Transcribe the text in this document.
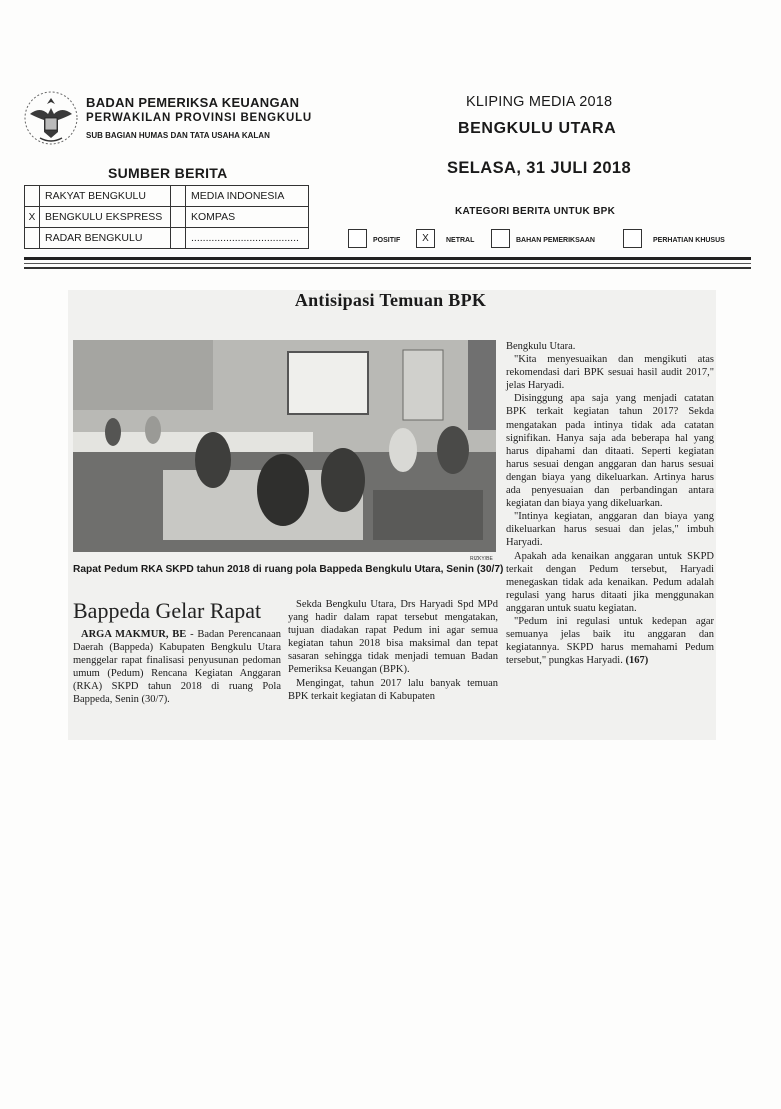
BADAN PEMERIKSA KEUANGAN
PERWAKILAN PROVINSI BENGKULU
SUB BAGIAN HUMAS DAN TATA USAHA KALAN
KLIPING MEDIA 2018
BENGKULU UTARA
SELASA, 31 JULI 2018
SUMBER BERITA
	RAKYAT BENGKULU		MEDIA INDONESIA
X	BENGKULU EKSPRESS		KOMPAS
	RADAR BENGKULU		.....................................
KATEGORI BERITA UNTUK BPK
POSITIF	X	NETRAL	BAHAN PEMERIKSAAN	PERHATIAN KHUSUS
Antisipasi Temuan BPK
RIZKY/BE
Rapat Pedum RKA SKPD tahun 2018 di ruang pola Bappeda Bengkulu Utara, Senin (30/7)
Bappeda Gelar Rapat

ARGA MAKMUR, BE - Badan Perencanaan Daerah (Bappeda) Kabupaten Bengkulu Utara menggelar rapat finalisasi penyusunan pedoman umum (Pedum) Rencana Kegiatan Anggaran (RKA) SKPD tahun 2018 di ruang Pola Bappeda, Senin (30/7).

Sekda Bengkulu Utara, Drs Haryadi Spd MPd yang hadir dalam rapat tersebut mengatakan, tujuan diadakan rapat Pedum ini agar semua kegiatan tahun 2018 bisa maksimal dan tepat sasaran sehingga tidak menjadi temuan Badan Pemeriksa Keuangan (BPK).

Mengingat, tahun 2017 lalu banyak temuan BPK terkait kegiatan di Kabupaten

Bengkulu Utara.

"Kita menyesuaikan dan mengikuti atas rekomendasi dari BPK sesuai hasil audit 2017," jelas Haryadi.

Disinggung apa saja yang menjadi catatan BPK terkait kegiatan tahun 2017? Sekda mengatakan pada intinya tidak ada catatan signifikan. Hanya saja ada beberapa hal yang harus dipahami dan ditaati. Seperti kegiatan harus sesuai dengan anggaran dan harus sesuai dengan biaya yang dikeluarkan. Artinya harus ada penyesuaian dan perbandingan antara kegiatan dan biaya yang dikeluarkan.

"Intinya kegiatan, anggaran dan biaya yang dikeluarkan harus sesuai dan jelas," imbuh Haryadi.

Apakah ada kenaikan anggaran untuk SKPD terkait dengan Pedum tersebut, Haryadi menegaskan tidak ada kenaikan. Pedum adalah regulasi yang harus ditaati jika menggunakan anggaran untuk suatu kegiatan.

"Pedum ini regulasi untuk kedepan agar semuanya jelas baik itu anggaran dan kegiatannya. SKPD harus memahami Pedum tersebut," pungkas Haryadi. (167)
